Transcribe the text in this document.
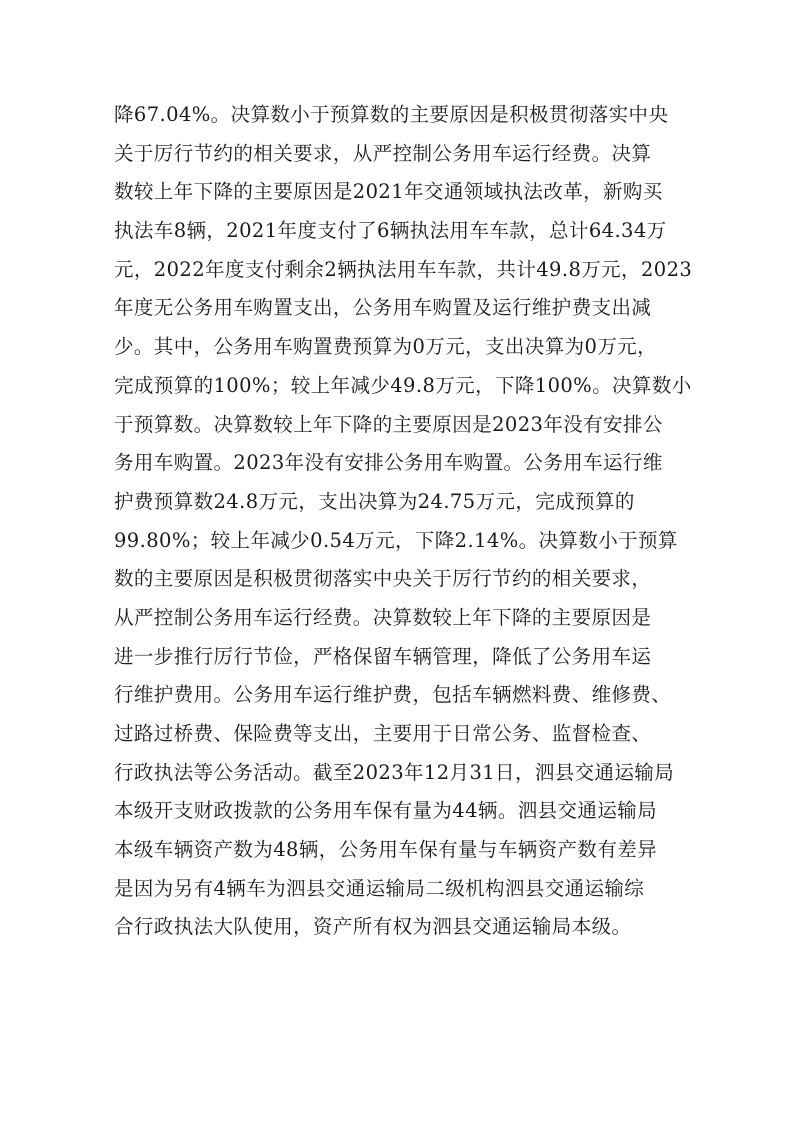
降67.04%。决算数小于预算数的主要原因是积极贯彻落实中央
关于厉行节约的相关要求，从严控制公务用车运行经费。决算
数较上年下降的主要原因是2021年交通领域执法改革，新购买
执法车8辆，2021年度支付了6辆执法用车车款，总计64.34万
元，2022年度支付剩余2辆执法用车车款，共计49.8万元，2023
年度无公务用车购置支出，公务用车购置及运行维护费支出减
少。其中，公务用车购置费预算为0万元，支出决算为0万元，
完成预算的100%；较上年减少49.8万元，下降100%。决算数小
于预算数。决算数较上年下降的主要原因是2023年没有安排公
务用车购置。2023年没有安排公务用车购置。公务用车运行维
护费预算数24.8万元，支出决算为24.75万元，完成预算的
99.80%；较上年减少0.54万元，下降2.14%。决算数小于预算
数的主要原因是积极贯彻落实中央关于厉行节约的相关要求，
从严控制公务用车运行经费。决算数较上年下降的主要原因是
进一步推行厉行节俭，严格保留车辆管理，降低了公务用车运
行维护费用。公务用车运行维护费，包括车辆燃料费、维修费、
过路过桥费、保险费等支出，主要用于日常公务、监督检查、
行政执法等公务活动。截至2023年12月31日，泗县交通运输局
本级开支财政拨款的公务用车保有量为44辆。泗县交通运输局
本级车辆资产数为48辆，公务用车保有量与车辆资产数有差异
是因为另有4辆车为泗县交通运输局二级机构泗县交通运输综
合行政执法大队使用，资产所有权为泗县交通运输局本级。
